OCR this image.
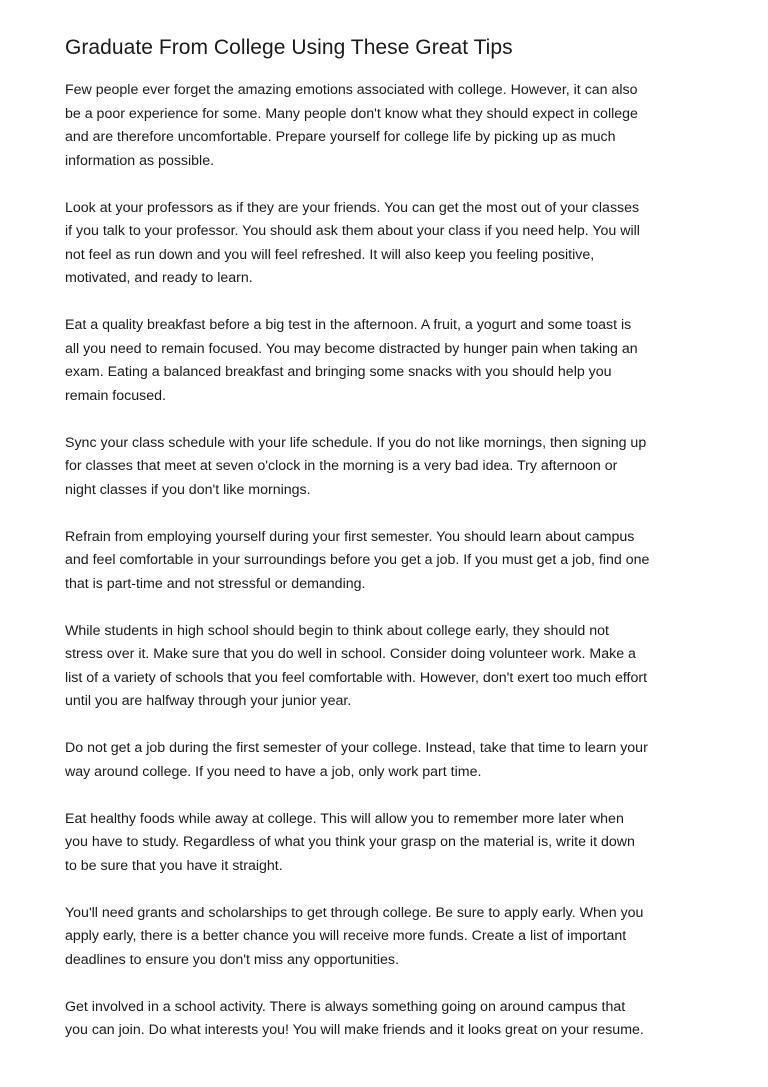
Graduate From College Using These Great Tips
Few people ever forget the amazing emotions associated with college. However, it can also
be a poor experience for some. Many people don't know what they should expect in college
and are therefore uncomfortable. Prepare yourself for college life by picking up as much
information as possible.
Look at your professors as if they are your friends. You can get the most out of your classes
if you talk to your professor. You should ask them about your class if you need help. You will
not feel as run down and you will feel refreshed. It will also keep you feeling positive,
motivated, and ready to learn.
Eat a quality breakfast before a big test in the afternoon. A fruit, a yogurt and some toast is
all you need to remain focused. You may become distracted by hunger pain when taking an
exam. Eating a balanced breakfast and bringing some snacks with you should help you
remain focused.
Sync your class schedule with your life schedule. If you do not like mornings, then signing up
for classes that meet at seven o'clock in the morning is a very bad idea. Try afternoon or
night classes if you don't like mornings.
Refrain from employing yourself during your first semester. You should learn about campus
and feel comfortable in your surroundings before you get a job. If you must get a job, find one
that is part-time and not stressful or demanding.
While students in high school should begin to think about college early, they should not
stress over it. Make sure that you do well in school. Consider doing volunteer work. Make a
list of a variety of schools that you feel comfortable with. However, don't exert too much effort
until you are halfway through your junior year.
Do not get a job during the first semester of your college. Instead, take that time to learn your
way around college. If you need to have a job, only work part time.
Eat healthy foods while away at college. This will allow you to remember more later when
you have to study. Regardless of what you think your grasp on the material is, write it down
to be sure that you have it straight.
You'll need grants and scholarships to get through college. Be sure to apply early. When you
apply early, there is a better chance you will receive more funds. Create a list of important
deadlines to ensure you don't miss any opportunities.
Get involved in a school activity. There is always something going on around campus that
you can join. Do what interests you! You will make friends and it looks great on your resume.
